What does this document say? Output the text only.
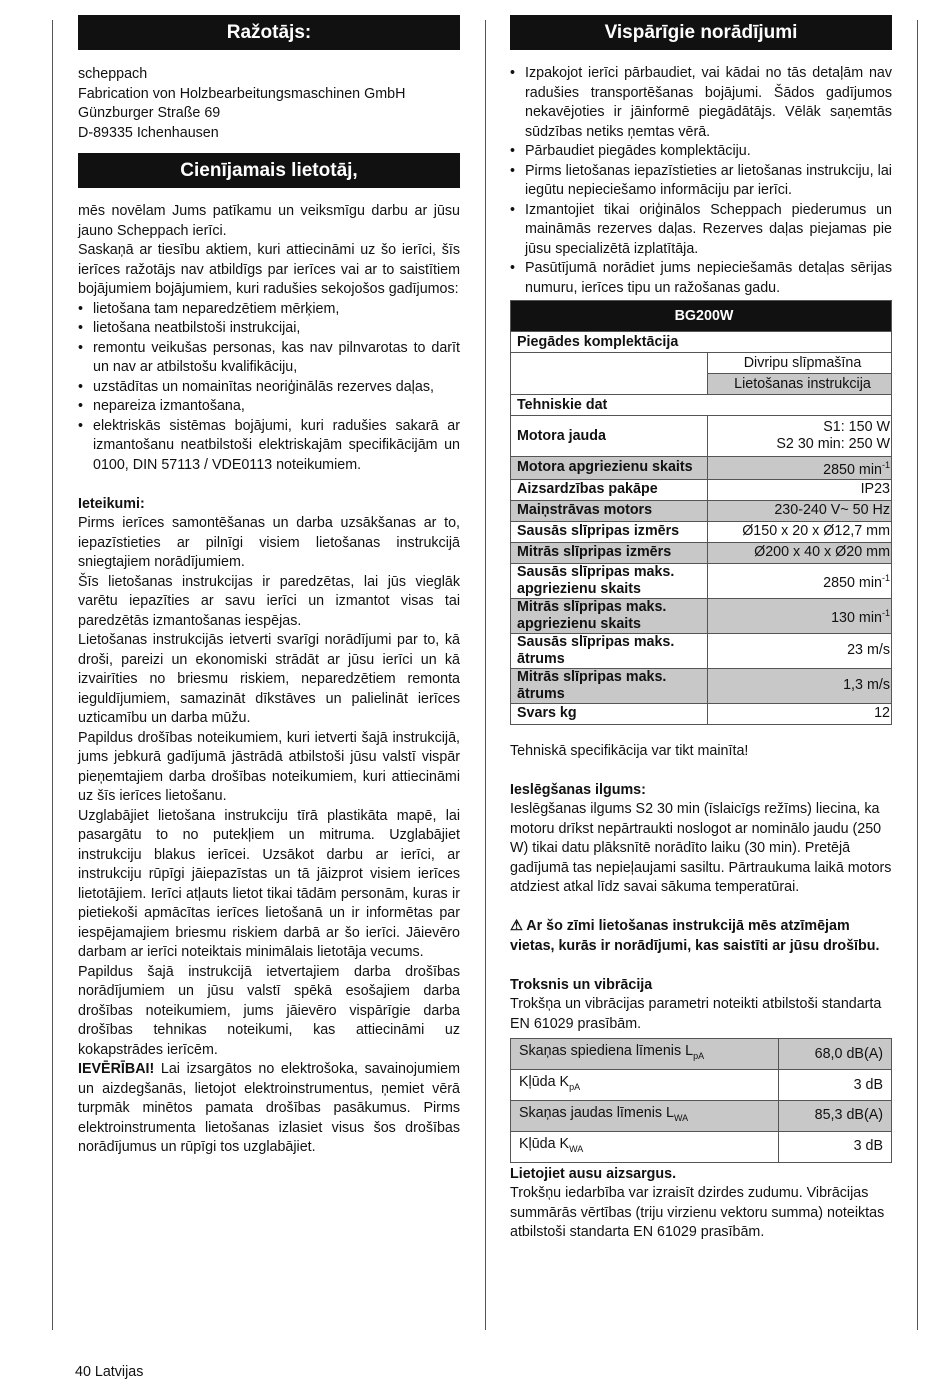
Ražotājs:

scheppach

Fabrication von Holzbearbeitungsmaschinen GmbH

Günzburger Straße 69

D-89335 Ichenhausen

Cienījamais lietotāj,

mēs novēlam Jums patīkamu un veiksmīgu darbu ar jūsu jauno Scheppach ierīci.

Saskaņā ar tiesību aktiem, kuri attiecināmi uz šo ierīci, šīs ierīces ražotājs nav atbildīgs par ierīces vai ar to saistītiem bojājumiem bojājumiem, kuri radušies sekojošos gadījumos:

• lietošana tam neparedzētiem mērķiem,
• lietošana neatbilstoši instrukcijai,
• remontu veikušas personas, kas nav pilnvarotas to darīt un nav ar atbilstošu kvalifikāciju,
• uzstādītas un nomainītas neoriģinālās rezerves daļas,
• nepareiza izmantošana,
• elektriskās sistēmas bojājumi, kuri radušies sakarā ar izmantošanu neatbilstoši elektriskajām specifikācijām un 0100, DIN 57113 / VDE0113 noteikumiem.

Ieteikumi:

Pirms ierīces samontēšanas un darba uzsākšanas ar to, iepazīstieties ar pilnīgi visiem lietošanas instrukcijā sniegtajiem norādījumiem.

Šīs lietošanas instrukcijas ir paredzētas, lai jūs vieglāk varētu iepazīties ar savu ierīci un izmantot visas tai paredzētās izmantošanas iespējas.

Lietošanas instrukcijās ietverti svarīgi norādījumi par to, kā droši, pareizi un ekonomiski strādāt ar jūsu ierīci un kā izvairīties no briesmu riskiem, neparedzētiem remonta ieguldījumiem, samazināt dīkstāves un palielināt ierīces uzticamību un darba mūžu.

Papildus drošības noteikumiem, kuri ietverti šajā instrukcijā, jums jebkurā gadījumā jāstrādā atbilstoši jūsu valstī vispār pieņemtajiem darba drošības noteikumiem, kuri attiecināmi uz šīs ierīces lietošanu.

Uzglabājiet lietošana instrukciju tīrā plastikāta mapē, lai pasargātu to no putekļiem un mitruma. Uzglabājiet instrukciju blakus ierīcei. Uzsākot darbu ar ierīci, ar instrukciju rūpīgi jāiepazīstas un tā jāizprot visiem ierīces lietotājiem. Ierīci atļauts lietot tikai tādām personām, kuras ir pietiekoši apmācītas ierīces lietošanā un ir informētas par iespējamajiem briesmu riskiem darbā ar šo ierīci. Jāievēro darbam ar ierīci noteiktais minimālais lietotāja vecums.

Papildus šajā instrukcijā ietvertajiem darba drošības norādījumiem un jūsu valstī spēkā esošajiem darba drošības noteikumiem, jums jāievēro vispārīgie darba drošības tehnikas noteikumi, kas attiecināmi uz kokapstrādes ierīcēm.

IEVĒRĪBAI! Lai izsargātos no elektrošoka, savainojumiem un aizdegšanās, lietojot elektroinstrumentus, ņemiet vērā turpmāk minētos pamata drošības pasākumus. Pirms elektroinstrumenta lietošanas izlasiet visus šos drošības norādījumus un rūpīgi tos uzglabājiet.

Vispārīgie norādījumi
• Izpakojot ierīci pārbaudiet, vai kādai no tās detaļām nav radušies transportēšanas bojājumi. Šādos gadījumos nekavējoties ir jāinformē piegādātājs. Vēlāk saņemtās sūdzības netiks ņemtas vērā.
• Pārbaudiet piegādes komplektāciju.
• Pirms lietošanas iepazīstieties ar lietošanas instrukciju, lai iegūtu nepieciešamo informāciju par ierīci.
• Izmantojiet tikai oriģinālos Scheppach piederumus un maināmās rezerves daļas. Rezerves daļas piejamas pie jūsu specializētā izplatītāja.
• Pasūtījumā norādiet jums nepieciešamās detaļas sērijas numuru, ierīces tipu un ražošanas gadu.
BG200W	
Piegādes komplektācija	
	Divripu slīpmašīna
	Lietošanas instrukcija
Tehniskie dat	
Motora jauda	S1: 150 W
S2 30 min: 250 W

Motora apgriezienu skaits	2850 $\min^{-1}$
Aizsardzības pakāpe	IP23
Maiņstrāvas motors	230-240 V~ 50 Hz
Sausās slīpripas izmērs	Ø150 x 20 x Ø12,7 mm
Mitrās slīpripas izmērs	Ø200 x 40 x Ø20 mm
Sausās slīpripas maks. apgriezienu skaits	2850 $\min^{-1}$
Mitrās slīpripas maks. apgriezienu skaits	130 $\min^{-1}$
Sausās slīpripas maks. ātrums	23 m/s
Mitrās slīpripas maks. ātrums	1,3 m/s
Svars kg	12

Tehniskā specifikācija var tikt mainīta!

Ieslēgšanas ilgums:

Ieslēgšanas ilgums S2 30 min (īslaicīgs režīms) liecina, ka motoru drīkst nepārtraukti noslogot ar nominālo jaudu (250 W) tikai datu plāksnītē norādīto laiku (30 min). Pretējā gadījumā tas nepieļaujami sasiltu. Pārtraukuma laikā motors atdziest atkal līdz savai sākuma temperatūrai.

⚠ Ar šo zīmi lietošanas instrukcijā mēs atzīmējam vietas, kurās ir norādījumi, kas saistīti ar jūsu drošību.

Troksnis un vibrācija

Trokšņa un vibrācijas parametri noteikti atbilstoši standarta EN 61029 prasībām.

Skaņas spiediena līmenis $L_{pA}$	68,0 dB(A)
Kļūda $K_{pA}$	3 dB
Skaņas jaudas līmenis $L_{WA}$	85,3 dB(A)
Kļūda $K_{WA}$	3 dB

Lietojiet ausu aizsargus.

Trokšņu iedarbība var izraisīt dzirdes zudumu. Vibrācijas summārās vērtības (triju virzienu vektoru summa) noteiktas atbilstoši standarta EN 61029 prasībām.

40 Latvijas
